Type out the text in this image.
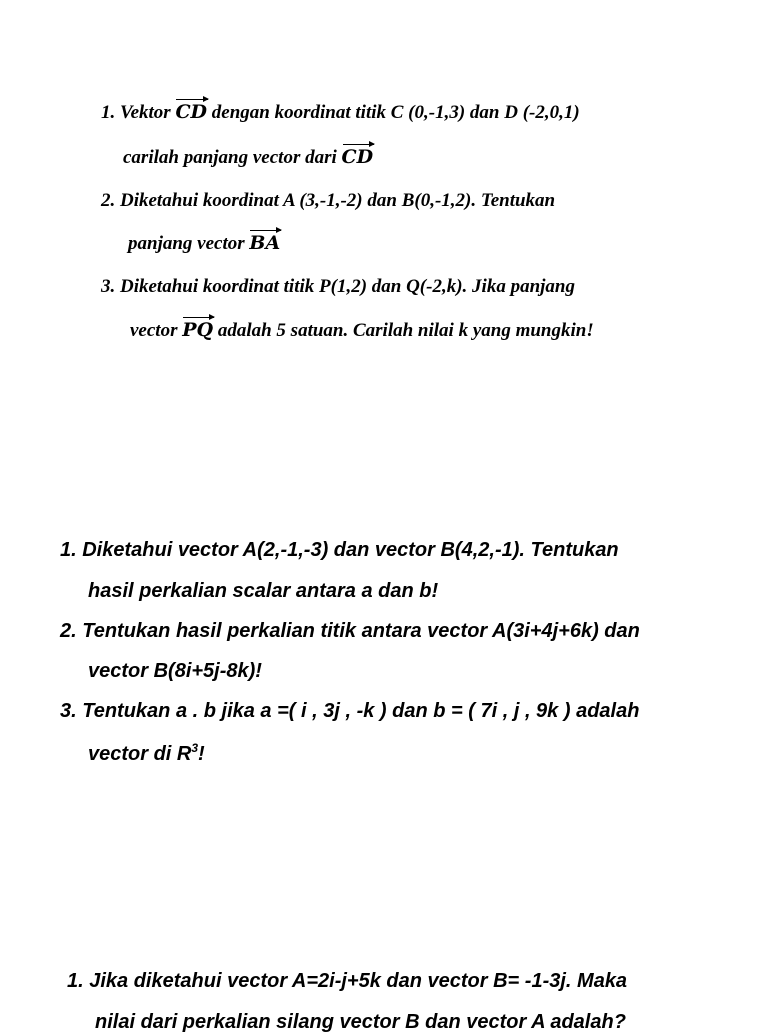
1. Vektor CD dengan koordinat titik C (0,-1,3) dan D (-2,0,1)
carilah panjang vector dari CD
2. Diketahui koordinat A (3,-1,-2) dan B(0,-1,2). Tentukan
panjang vector BA
3. Diketahui koordinat titik P(1,2) dan Q(-2,k). Jika panjang
vector PQ adalah 5 satuan. Carilah nilai k yang mungkin!
1. Diketahui vector A(2,-1,-3) dan vector B(4,2,-1). Tentukan
hasil perkalian scalar antara a dan b!
2. Tentukan hasil perkalian titik antara vector A(3i+4j+6k) dan
vector B(8i+5j-8k)!
3. Tentukan a . b jika a =( i , 3j , -k ) dan b = ( 7i , j , 9k ) adalah
vector di $R^3$!
1. Jika diketahui vector A=2i-j+5k dan vector B= -1-3j. Maka
nilai dari perkalian silang vector B dan vector A adalah?
